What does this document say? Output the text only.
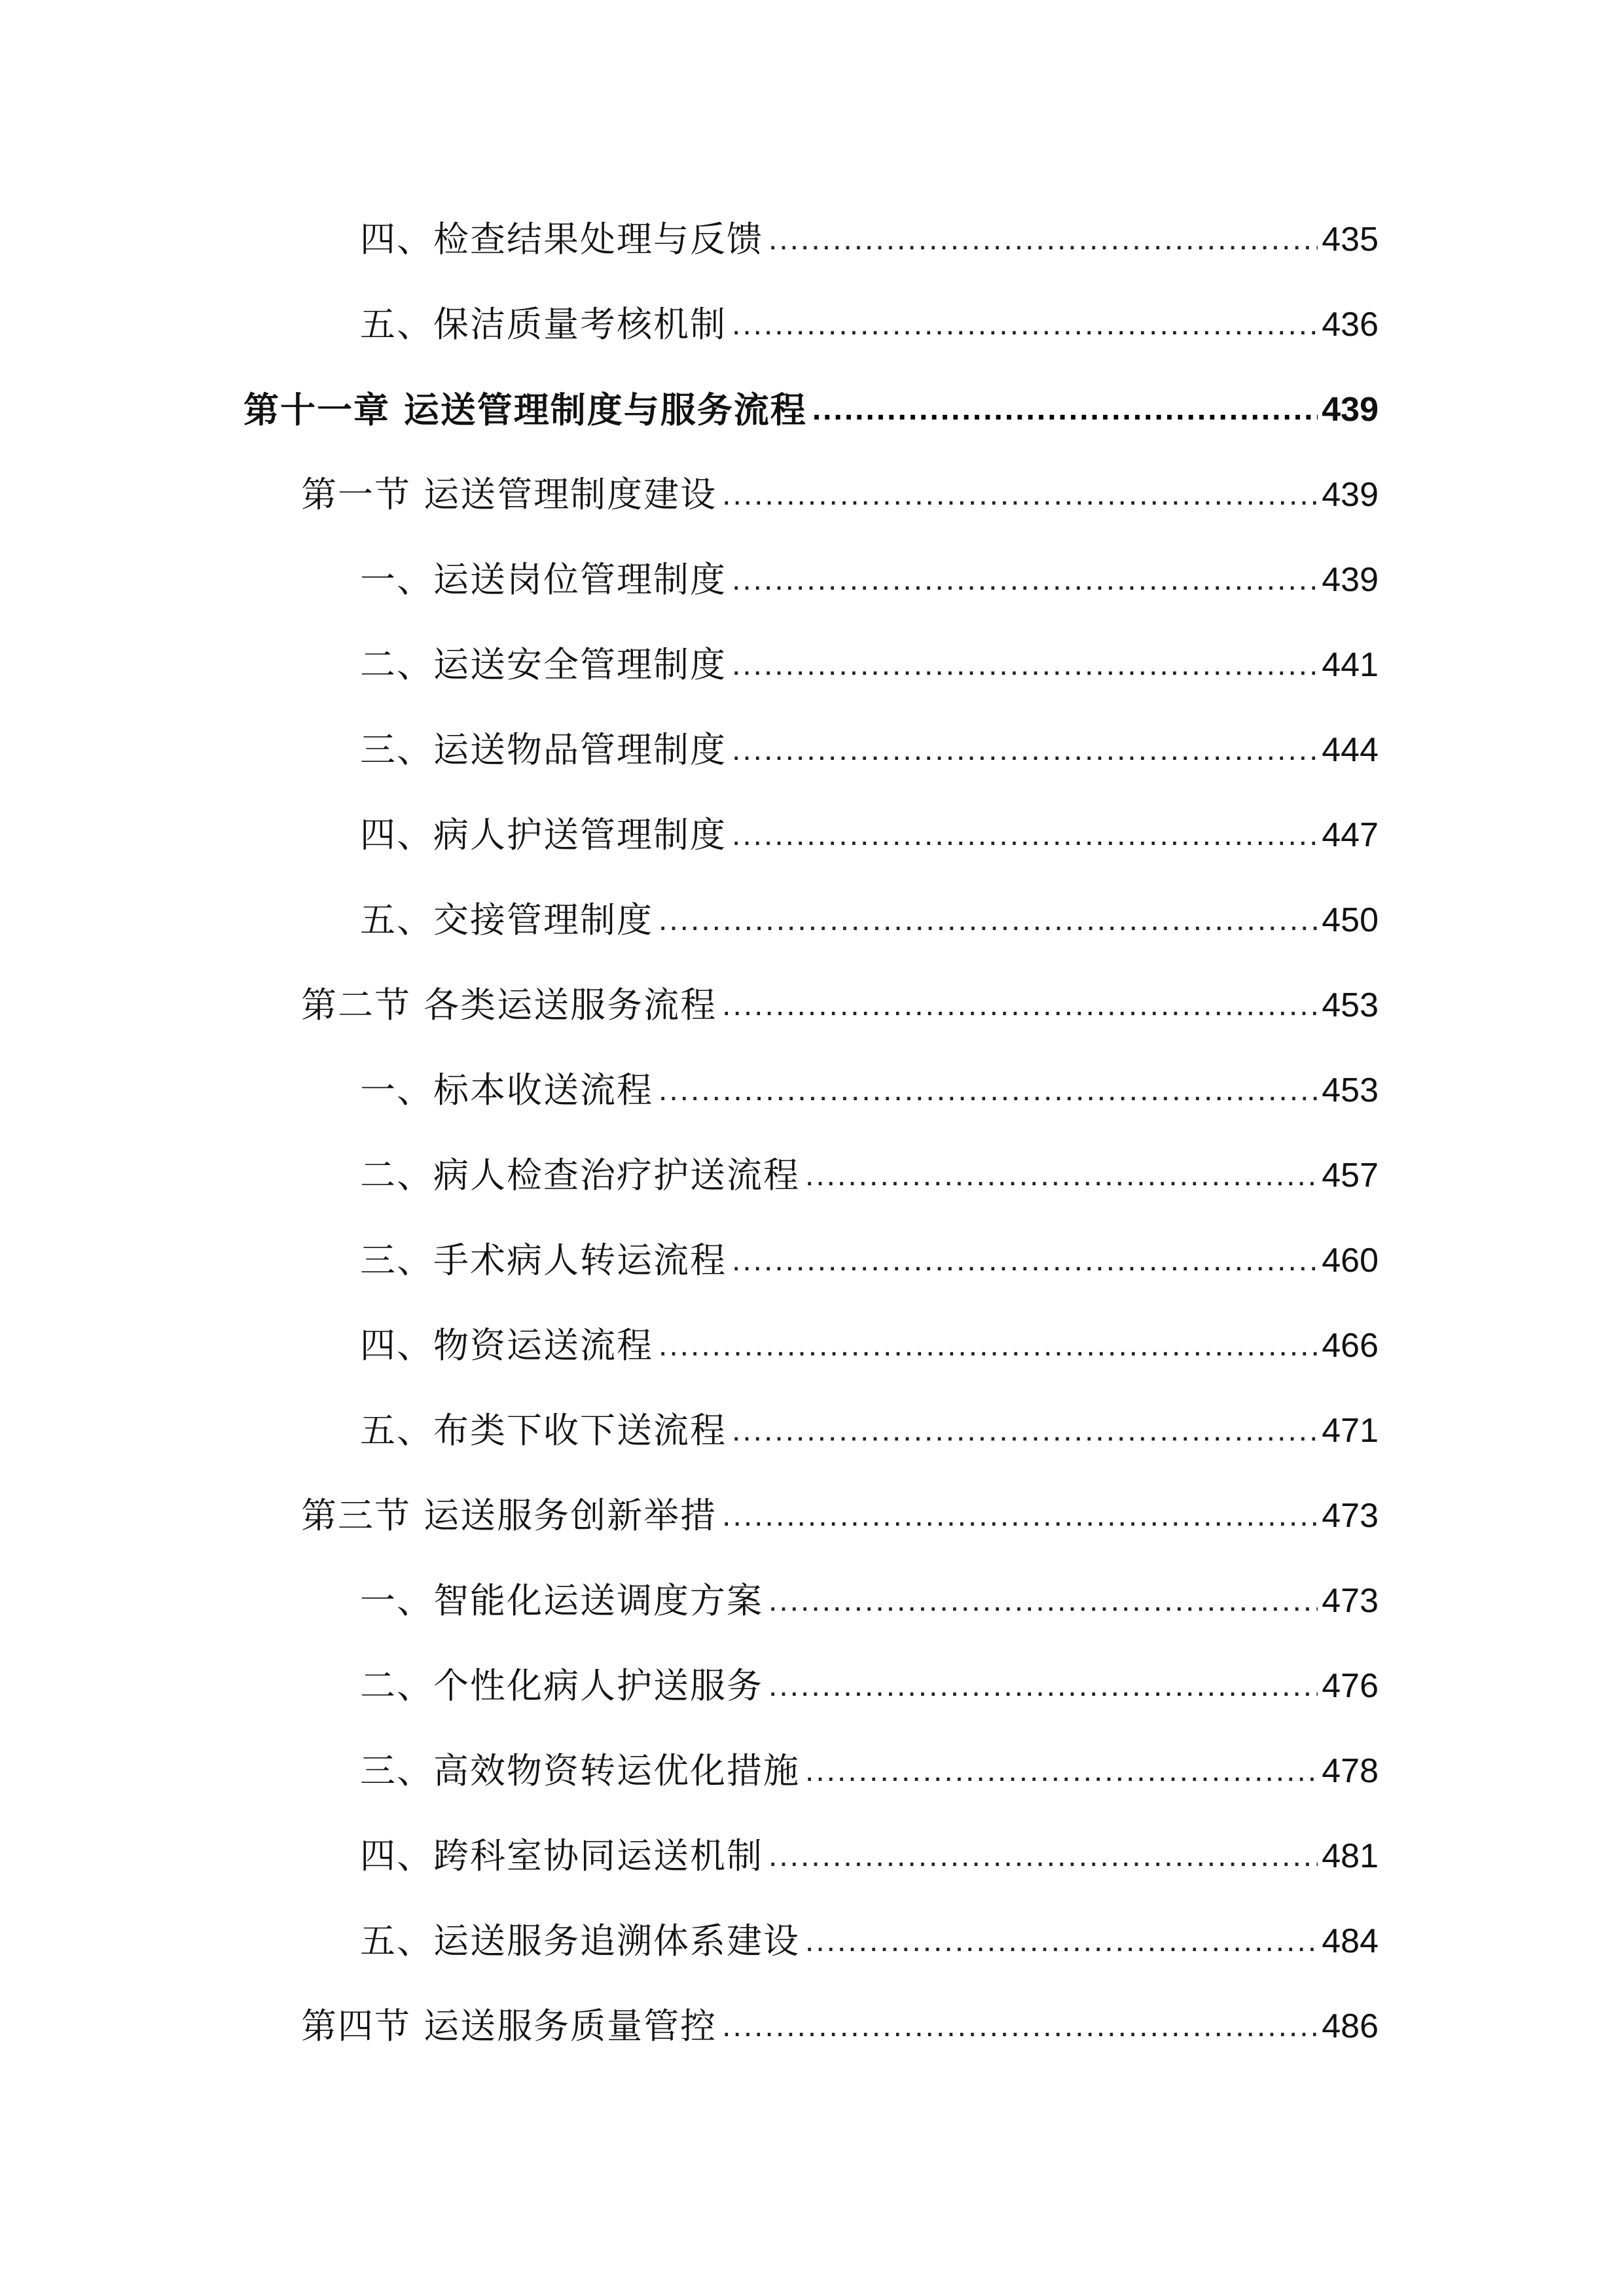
四、检查结果处理与反馈 .....	435
五、保洁质量考核机制 .....	436
第十一章 运送管理制度与服务流程 .....	439
第一节 运送管理制度建设 .....	439
一、运送岗位管理制度 .....	439
二、运送安全管理制度 .....	441
三、运送物品管理制度 .....	444
四、病人护送管理制度 .....	447
五、交接管理制度 .....	450
第二节 各类运送服务流程 .....	453
一、标本收送流程 .....	453
二、病人检查治疗护送流程 .....	457
三、手术病人转运流程 .....	460
四、物资运送流程 .....	466
五、布类下收下送流程 .....	471
第三节 运送服务创新举措 .....	473
一、智能化运送调度方案 .....	473
二、个性化病人护送服务 .....	476
三、高效物资转运优化措施 .....	478
四、跨科室协同运送机制 .....	481
五、运送服务追溯体系建设 .....	484
第四节 运送服务质量管控 .....	486
